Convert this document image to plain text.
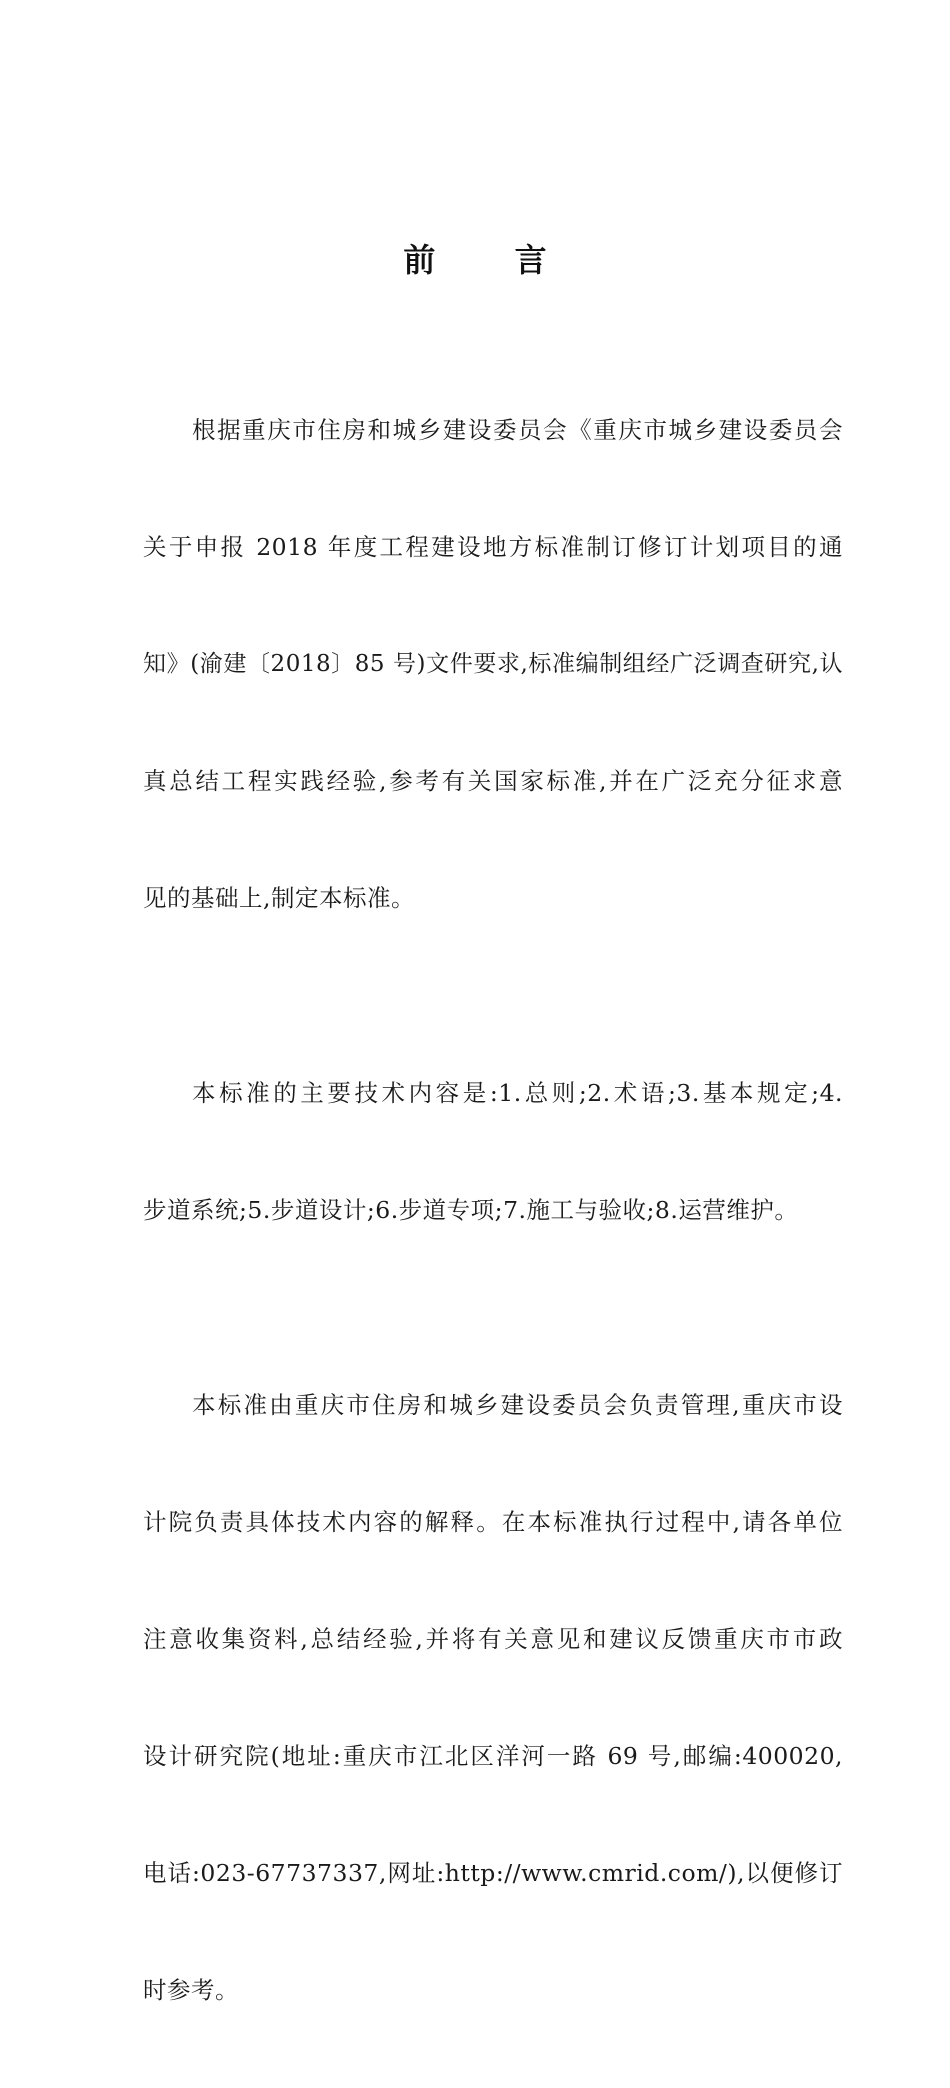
前 言

根据重庆市住房和城乡建设委员会《重庆市城乡建设委员会

关于申报 2018 年度工程建设地方标准制订修订计划项目的通

知》(渝建〔2018〕85 号)文件要求,标准编制组经广泛调查研究,认

真总结工程实践经验,参考有关国家标准,并在广泛充分征求意

见的基础上,制定本标准。

本标准的主要技术内容是:1.总则;2.术语;3.基本规定;4.

步道系统;5.步道设计;6.步道专项;7.施工与验收;8.运营维护。

本标准由重庆市住房和城乡建设委员会负责管理,重庆市设

计院负责具体技术内容的解释。在本标准执行过程中,请各单位

注意收集资料,总结经验,并将有关意见和建议反馈重庆市市政

设计研究院(地址:重庆市江北区洋河一路 69 号,邮编:400020,

电话:023-67737337,网址:http://www.cmrid.com/),以便修订

时参考。
